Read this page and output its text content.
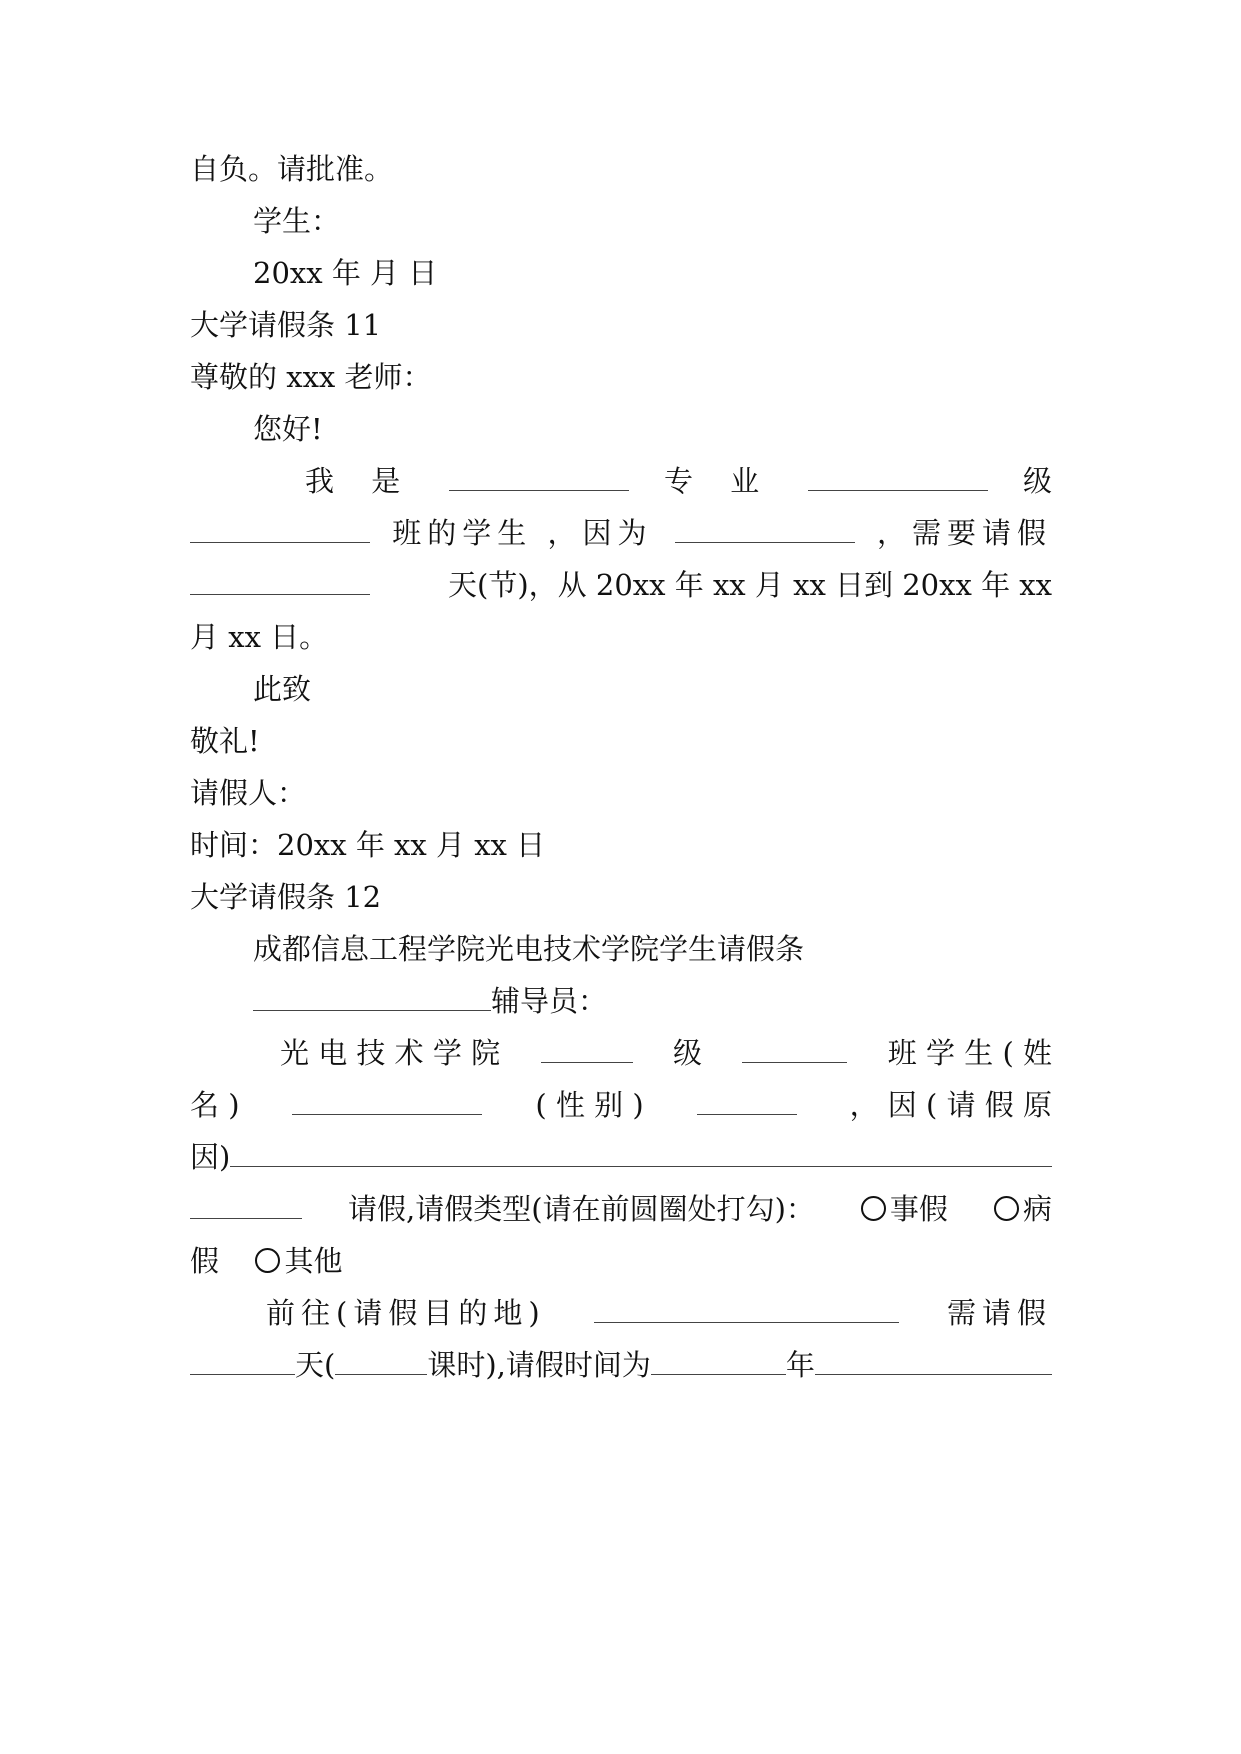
自负。请批准。
学生：
20xx 年 月 日
大学请假条 11
尊敬的 xxx 老师：
您好!
我 是	专 业	级
班的学生 ，因为	，需要请假
天(节)，从 20xx 年 xx 月 xx 日到 20xx 年 xx
月 xx 日。
此致
敬礼!
请假人：
时间：20xx 年 xx 月 xx 日
大学请假条 12
成都信息工程学院光电技术学院学生请假条
辅导员：
光 电 技 术 学 院	级	班 学 生 ( 姓
名 )	( 性 别 )	， 因 ( 请 假 原
因)
请假,请假类型(请在前圆圈处打勾)：	事假	病
假 其他
前往(请假目的地)	需请假
天(	课时),请假时间为	年
